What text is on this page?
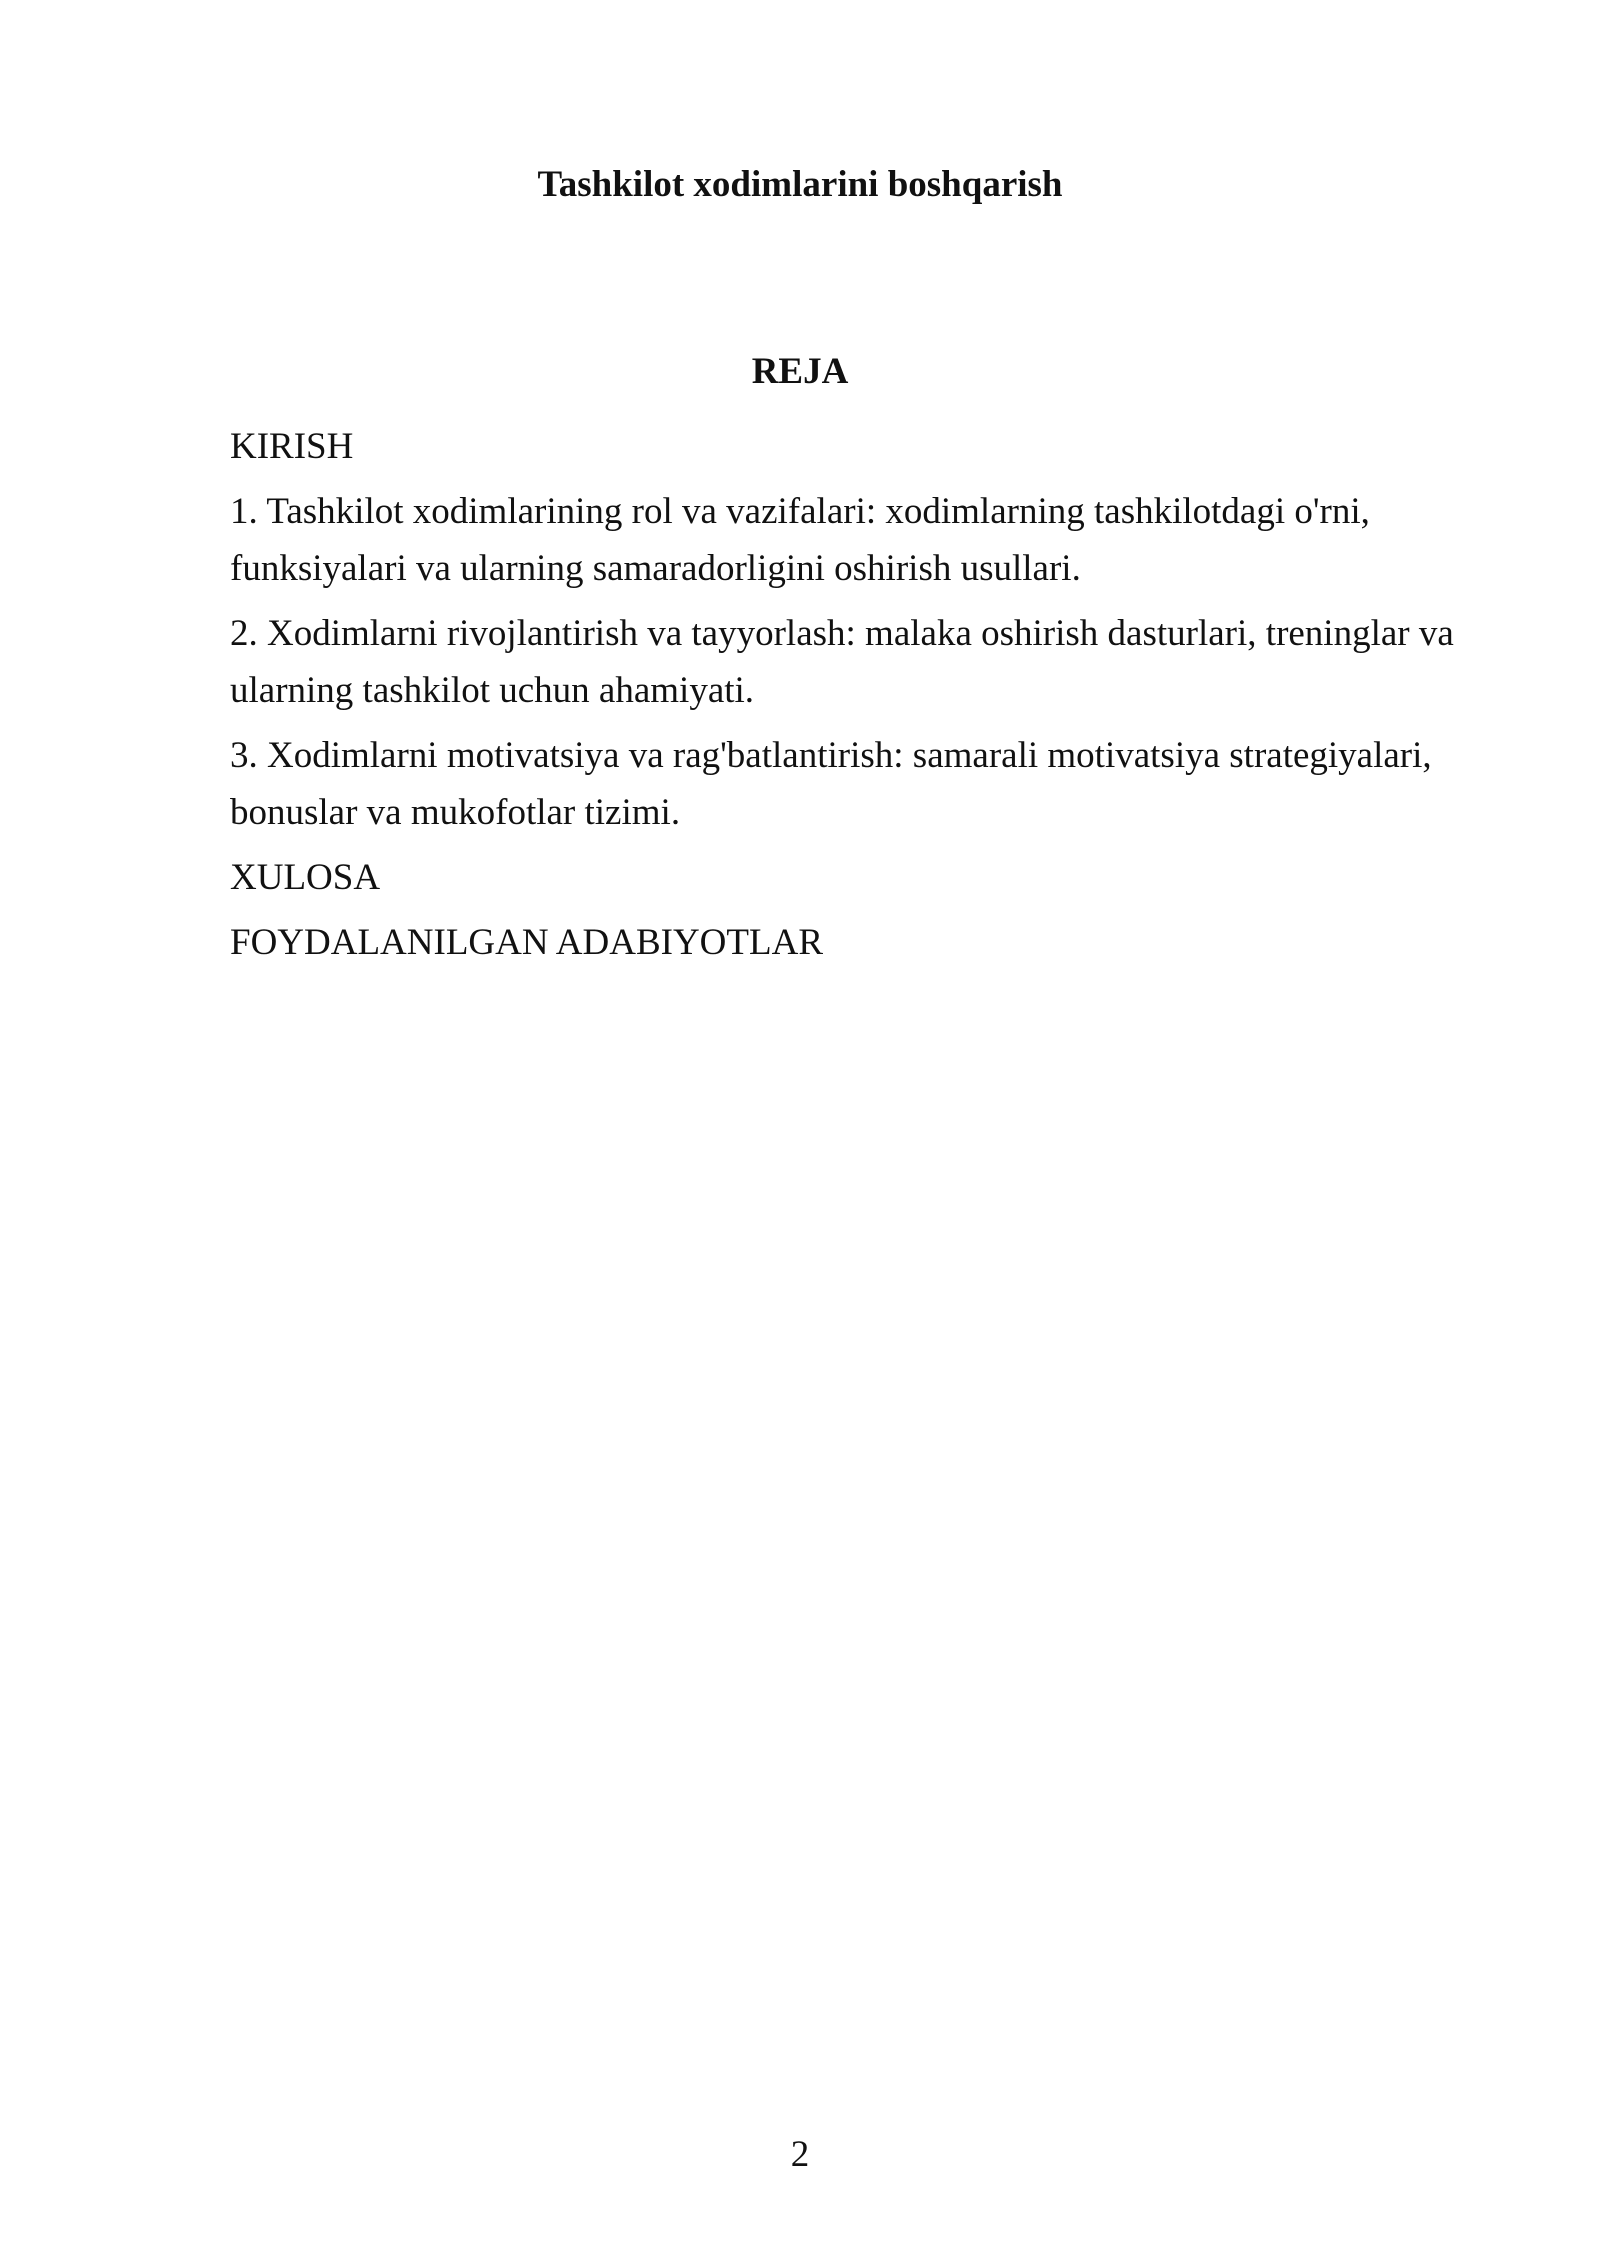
Tashkilot xodimlarini boshqarish
REJA
KIRISH
1. Tashkilot xodimlarining rol va vazifalari: xodimlarning tashkilotdagi o'rni, funksiyalari va ularning samaradorligini oshirish usullari.
2. Xodimlarni rivojlantirish va tayyorlash: malaka oshirish dasturlari, treninglar va ularning tashkilot uchun ahamiyati.
3. Xodimlarni motivatsiya va rag'batlantirish: samarali motivatsiya strategiyalari, bonuslar va mukofotlar tizimi.
XULOSA
FOYDALANILGAN ADABIYOTLAR
2
